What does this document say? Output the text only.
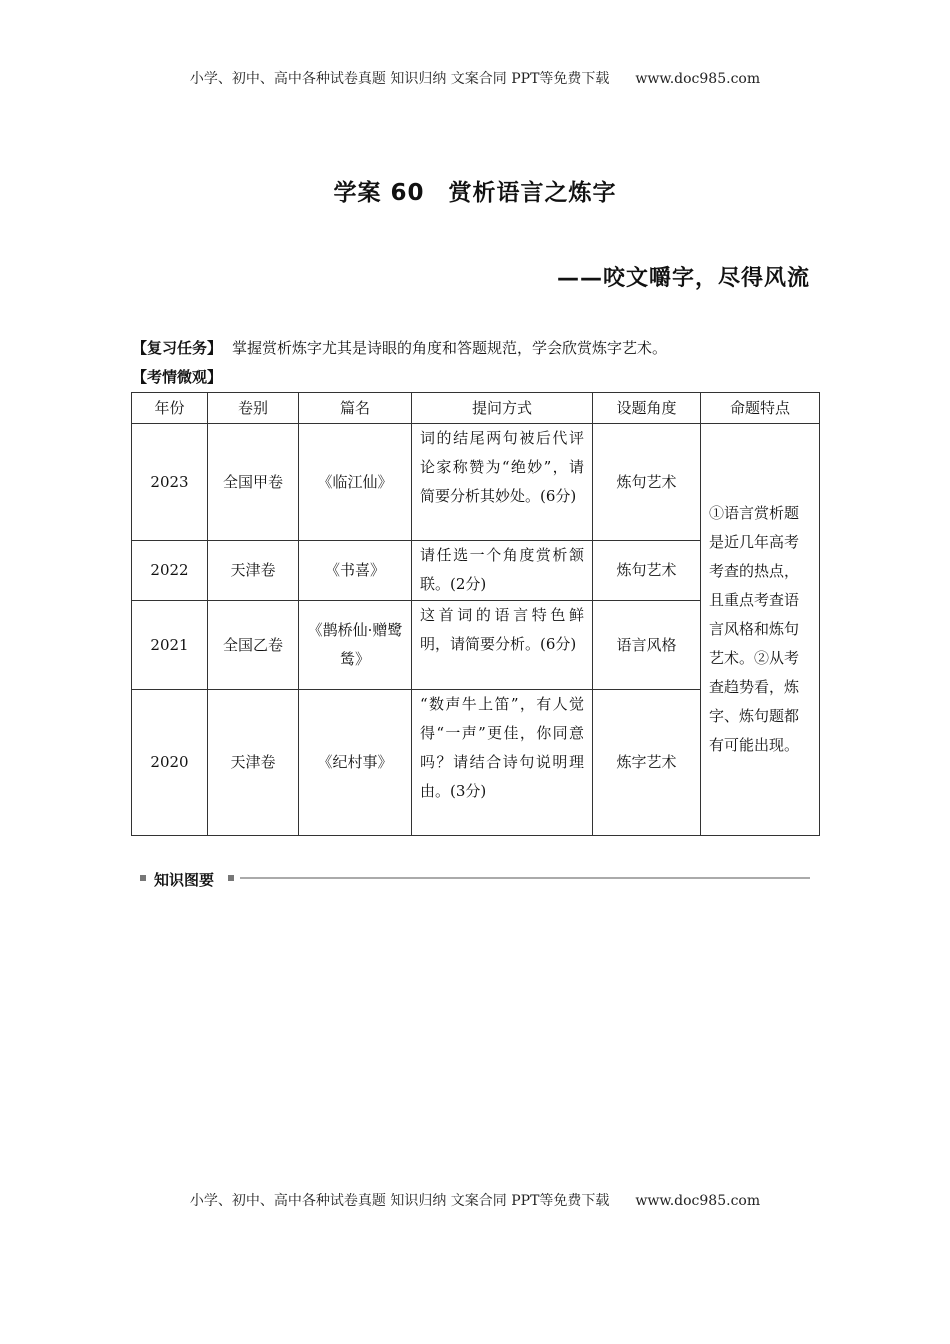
小学、初中、高中各种试卷真题 知识归纳 文案合同 PPT等免费下载 www.doc985.com
学案 60　赏析语言之炼字
——咬文嚼字，尽得风流
【复习任务】 掌握赏析炼字尤其是诗眼的角度和答题规范，学会欣赏炼字艺术。
【考情微观】
年份	卷别	篇名	提问方式	设题角度	命题特点
2023	全国甲卷	《临江仙》	词的结尾两句被后代评论家称赞为“绝妙”，请简要分析其妙处。(6分)	炼句艺术	①语言赏析题是近几年高考考查的热点，且重点考查语言风格和炼句艺术。②从考查趋势看，炼字、炼句题都有可能出现。
2022	天津卷	《书喜》	请任选一个角度赏析颔联。(2分)	炼句艺术	
2021	全国乙卷	《鹊桥仙·赠鹭鸶》	这首词的语言特色鲜明，请简要分析。(6分)	语言风格	
2020	天津卷	《纪村事》	“数声牛上笛”，有人觉得“一声”更佳，你同意吗？请结合诗句说明理由。(3分)	炼字艺术	
知识图要
小学、初中、高中各种试卷真题 知识归纳 文案合同 PPT等免费下载 www.doc985.com
